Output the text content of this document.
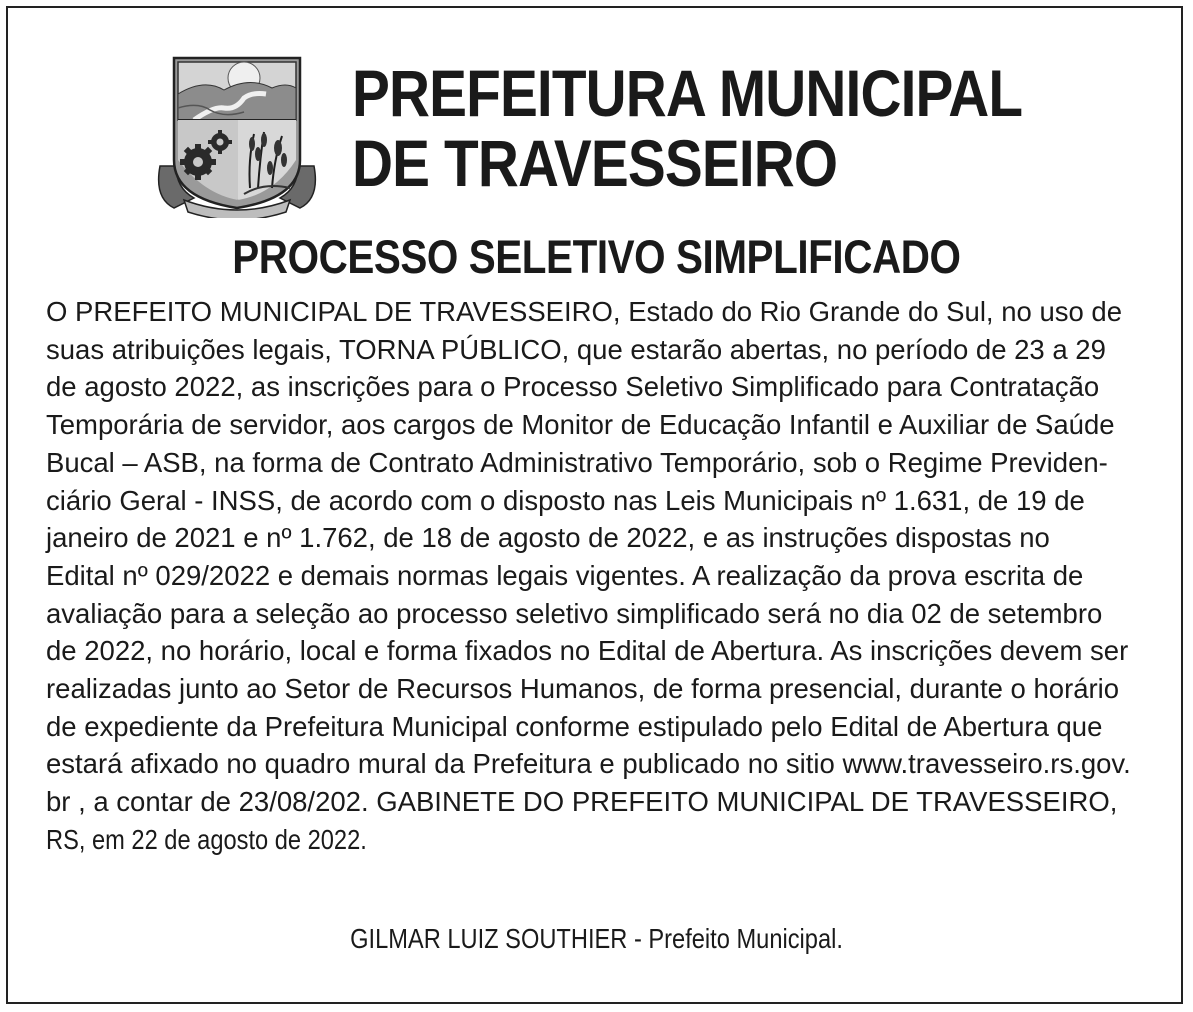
PREFEITURA MUNICIPAL
DE TRAVESSEIRO
PROCESSO SELETIVO SIMPLIFICADO
O PREFEITO MUNICIPAL DE TRAVESSEIRO, Estado do Rio Grande do Sul, no uso de
suas atribuições legais, TORNA PÚBLICO, que estarão abertas, no período de 23 a 29
de agosto 2022, as inscrições para o Processo Seletivo Simplificado para Contratação
Temporária de servidor, aos cargos de Monitor de Educação Infantil e Auxiliar de Saúde
Bucal – ASB, na forma de Contrato Administrativo Temporário, sob o Regime Previden-
ciário Geral - INSS, de acordo com o disposto nas Leis Municipais nº 1.631, de 19 de
janeiro de 2021 e nº 1.762, de 18 de agosto de 2022, e as instruções dispostas no
Edital nº 029/2022 e demais normas legais vigentes. A realização da prova escrita de
avaliação para a seleção ao processo seletivo simplificado será no dia 02 de setembro
de 2022, no horário, local e forma fixados no Edital de Abertura. As inscrições devem ser
realizadas junto ao Setor de Recursos Humanos, de forma presencial, durante o horário
de expediente da Prefeitura Municipal conforme estipulado pelo Edital de Abertura que
estará afixado no quadro mural da Prefeitura e publicado no sitio www.travesseiro.rs.gov.
br , a contar de 23/08/202. GABINETE DO PREFEITO MUNICIPAL DE TRAVESSEIRO,
RS, em 22 de agosto de 2022.

GILMAR LUIZ SOUTHIER - Prefeito Municipal.
